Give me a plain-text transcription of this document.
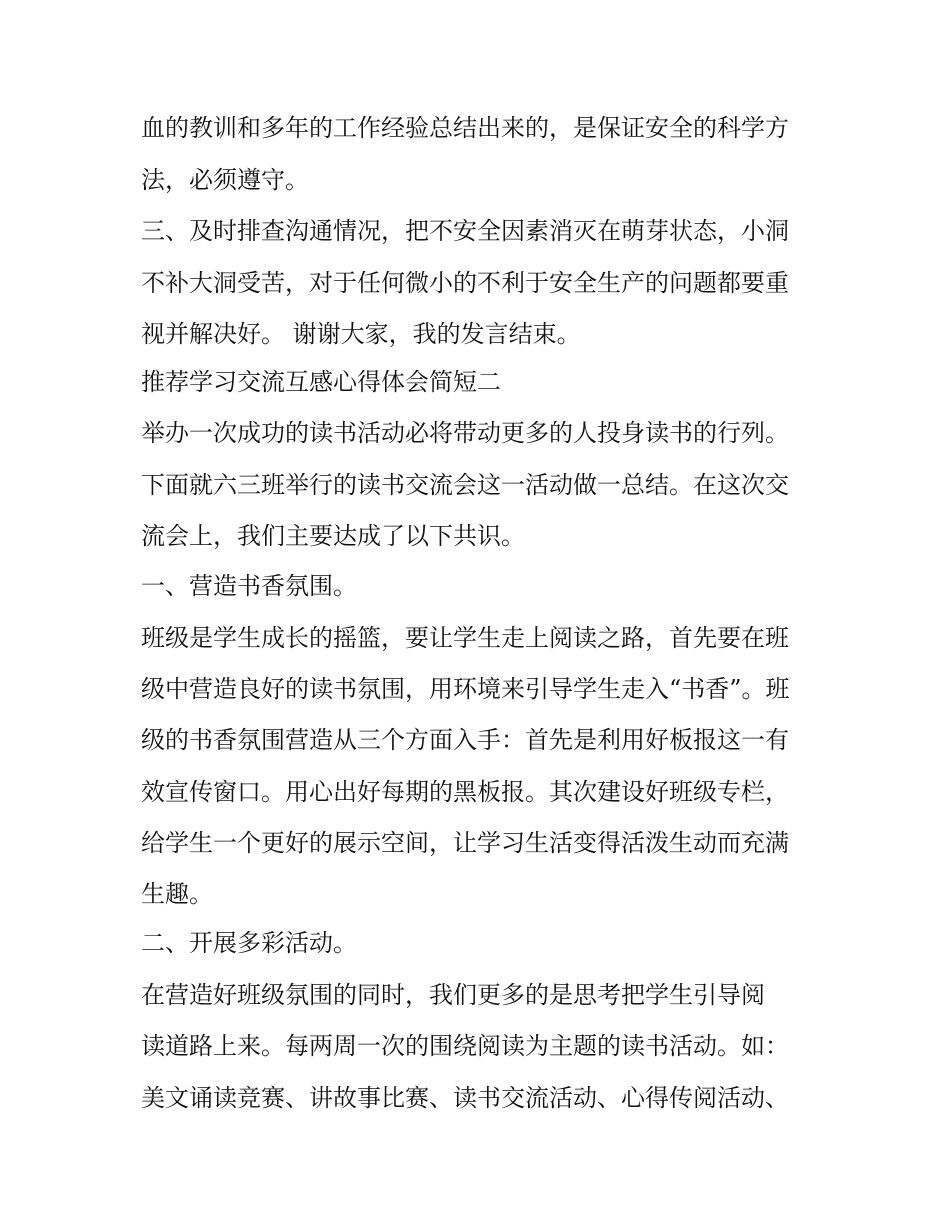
血的教训和多年的工作经验总结出来的，是保证安全的科学方
法，必须遵守。
三、及时排查沟通情况，把不安全因素消灭在萌芽状态，小洞
不补大洞受苦，对于任何微小的不利于安全生产的问题都要重
视并解决好。 谢谢大家，我的发言结束。
推荐学习交流互感心得体会简短二
举办一次成功的读书活动必将带动更多的人投身读书的行列。
下面就六三班举行的读书交流会这一活动做一总结。在这次交
流会上，我们主要达成了以下共识。
一、营造书香氛围。
班级是学生成长的摇篮，要让学生走上阅读之路，首先要在班
级中营造良好的读书氛围，用环境来引导学生走入“书香”。班
级的书香氛围营造从三个方面入手：首先是利用好板报这一有
效宣传窗口。用心出好每期的黑板报。其次建设好班级专栏，
给学生一个更好的展示空间，让学习生活变得活泼生动而充满
生趣。
二、开展多彩活动。
在营造好班级氛围的同时，我们更多的是思考把学生引导阅
读道路上来。每两周一次的围绕阅读为主题的读书活动。如：
美文诵读竞赛、讲故事比赛、读书交流活动、心得传阅活动、
